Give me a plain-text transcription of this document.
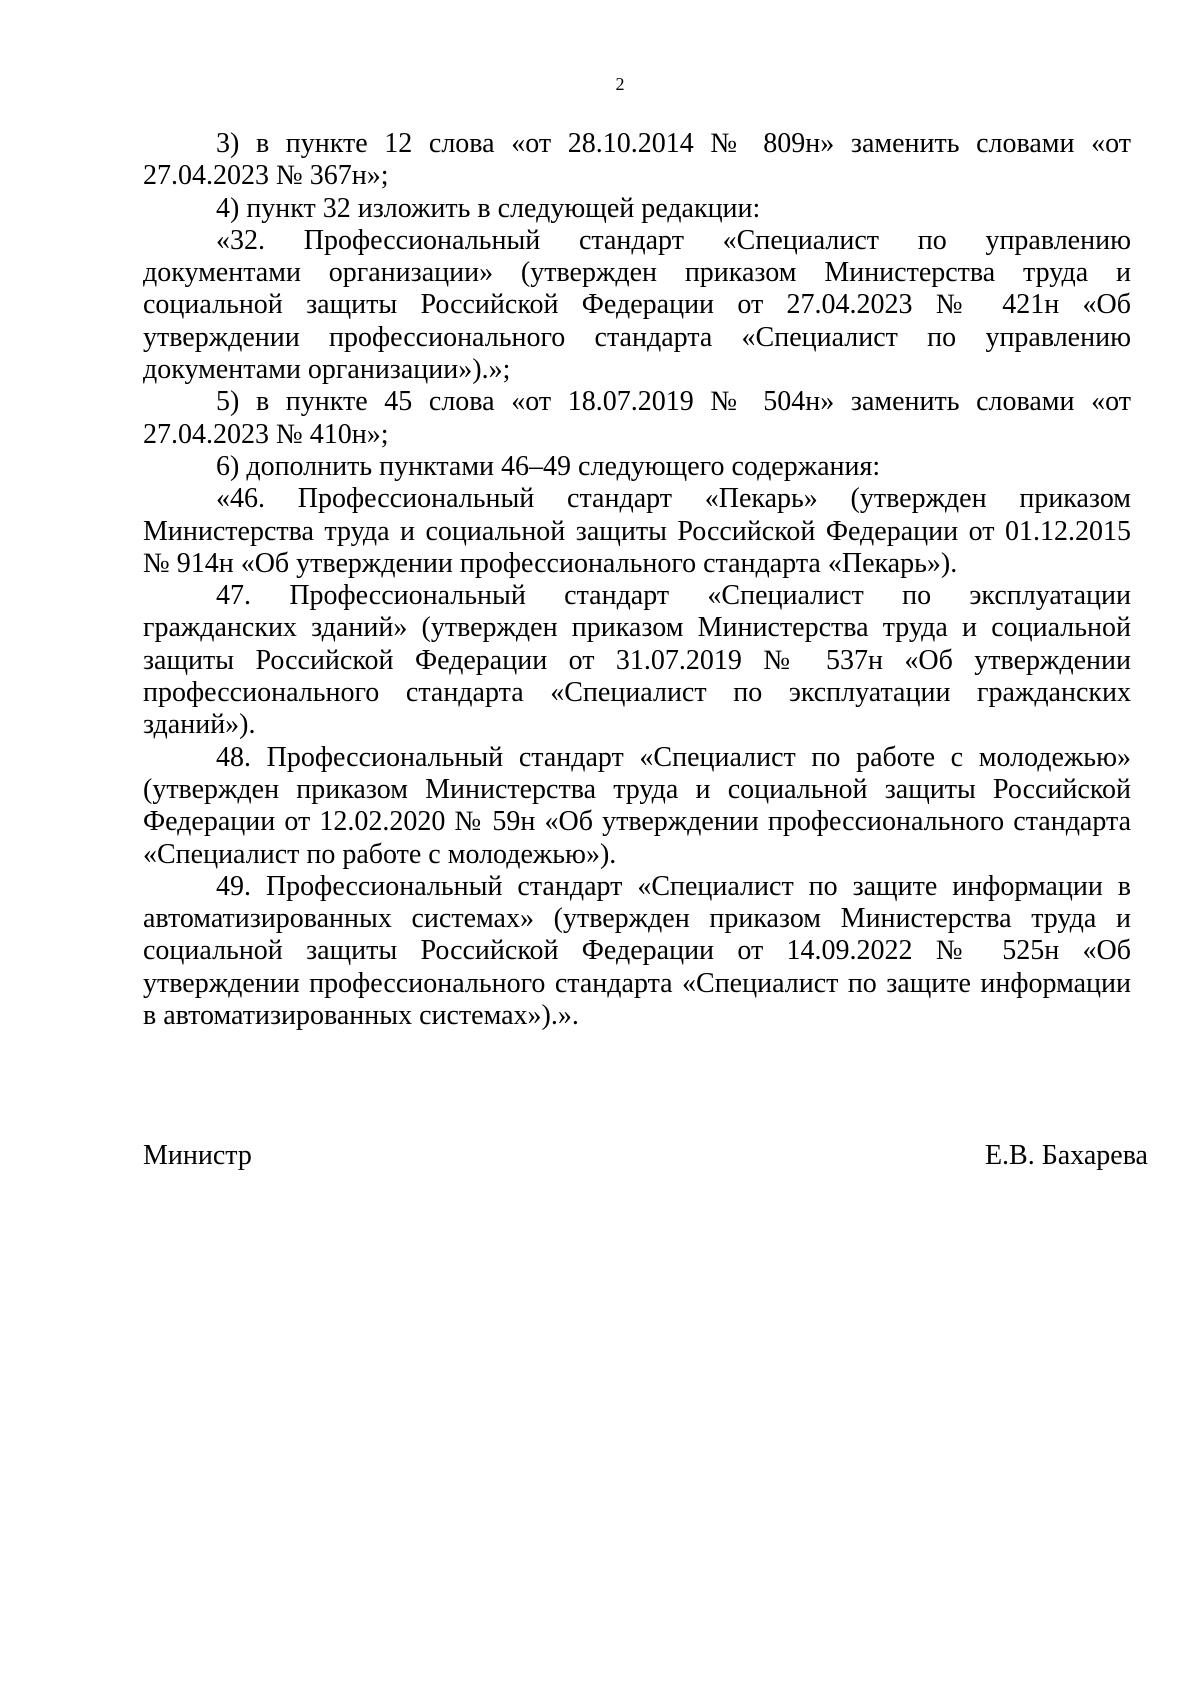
2

3) в пункте 12 слова «от 28.10.2014 № 809н» заменить словами «от 27.04.2023 № 367н»;

4) пункт 32 изложить в следующей редакции:

«32. Профессиональный стандарт «Специалист по управлению документами организации» (утвержден приказом Министерства труда и социальной защиты Российской Федерации от 27.04.2023 № 421н «Об утверждении профессионального стандарта «Специалист по управлению документами организации»).»;

5) в пункте 45 слова «от 18.07.2019 № 504н» заменить словами «от 27.04.2023 № 410н»;

6) дополнить пунктами 46–49 следующего содержания:

«46. Профессиональный стандарт «Пекарь» (утвержден приказом Министерства труда и социальной защиты Российской Федерации от 01.12.2015 № 914н «Об утверждении профессионального стандарта «Пекарь»).

47. Профессиональный стандарт «Специалист по эксплуатации гражданских зданий» (утвержден приказом Министерства труда и социальной защиты Российской Федерации от 31.07.2019 № 537н «Об утверждении профессионального стандарта «Специалист по эксплуатации гражданских зданий»).

48. Профессиональный стандарт «Специалист по работе с молодежью» (утвержден приказом Министерства труда и социальной защиты Российской Федерации от 12.02.2020 № 59н «Об утверждении профессионального стандарта «Специалист по работе с молодежью»).

49. Профессиональный стандарт «Специалист по защите информации в автоматизированных системах» (утвержден приказом Министерства труда и социальной защиты Российской Федерации от 14.09.2022 № 525н «Об утверждении профессионального стандарта «Специалист по защите информации в автоматизированных системах»).».

Министр	Е.В. Бахарева
